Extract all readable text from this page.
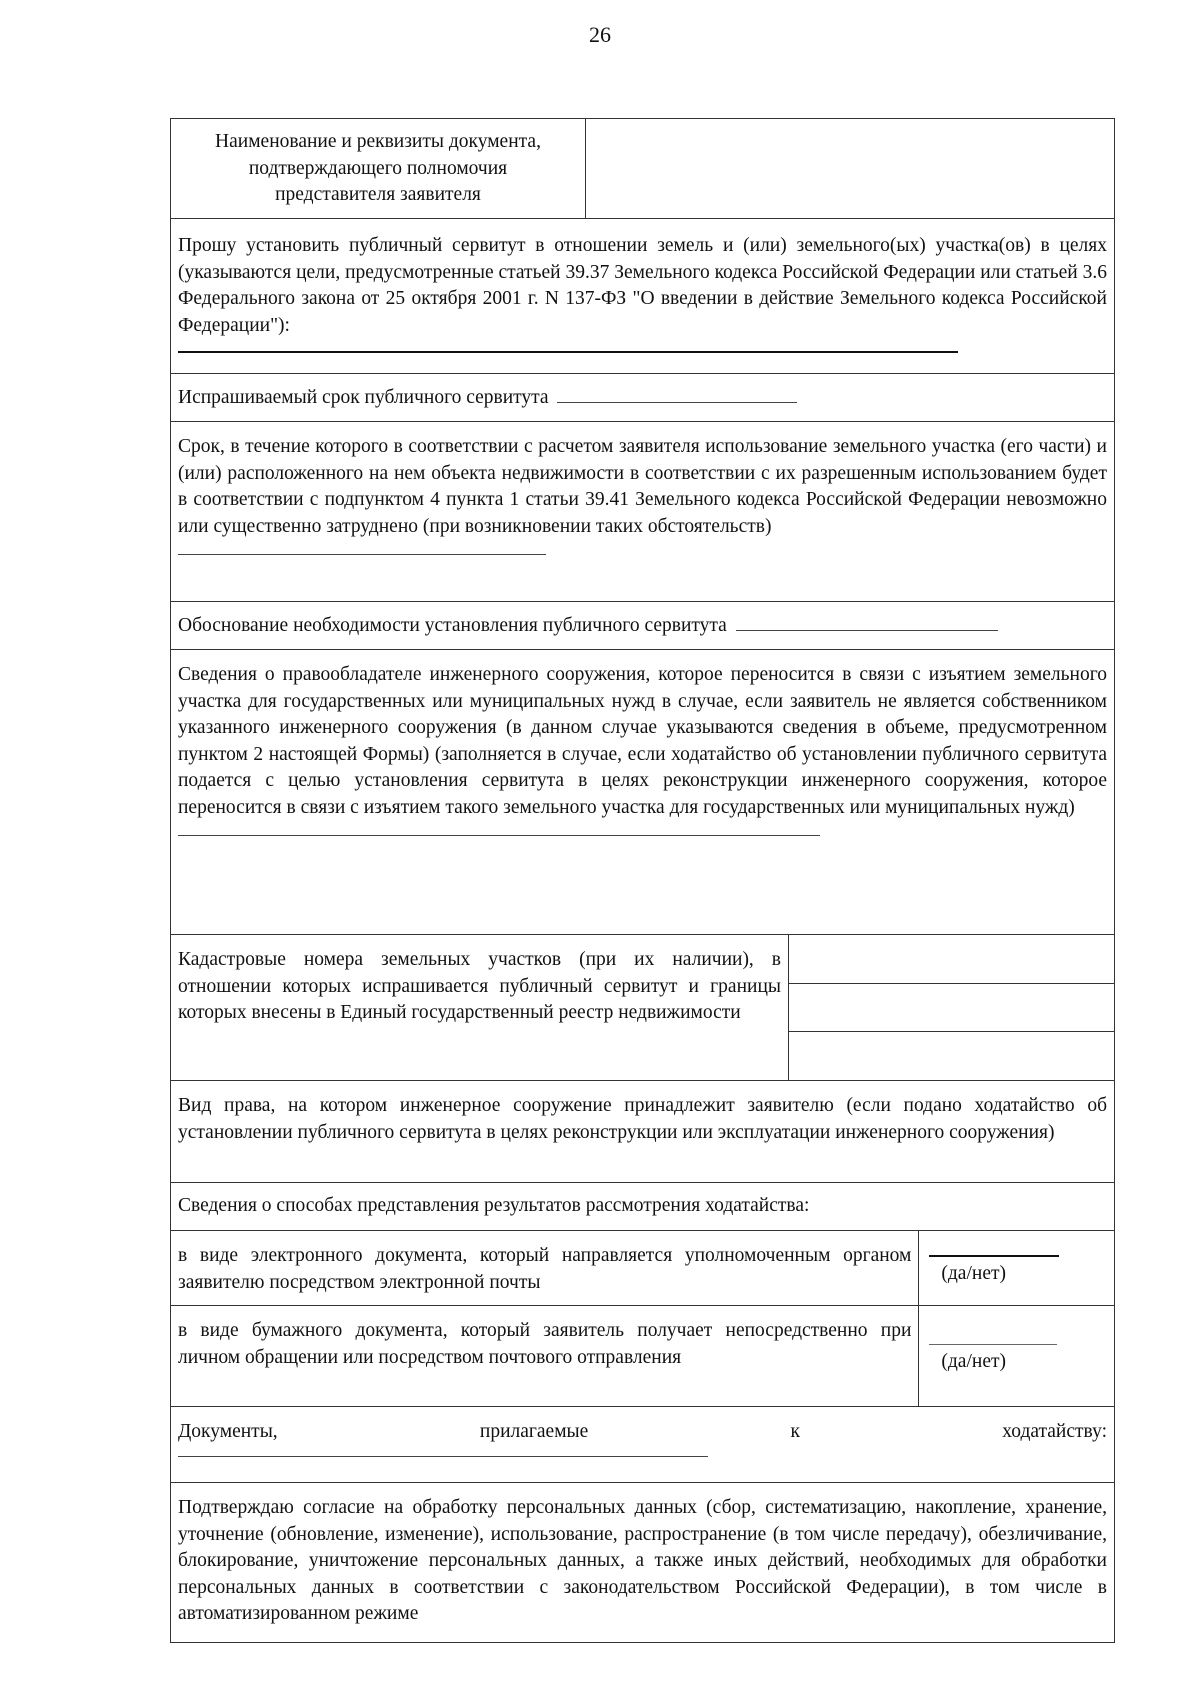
26
Наименование и реквизиты документа,
подтверждающего полномочия
представителя заявителя
Прошу установить публичный сервитут в отношении земель и (или) земельного(ых) участка(ов) в целях (указываются цели, предусмотренные статьей 39.37 Земельного кодекса Российской Федерации или статьей 3.6 Федерального закона от 25 октября 2001 г. N 137-ФЗ "О введении в действие Земельного кодекса Российской Федерации"):
Испрашиваемый срок публичного сервитута
Срок, в течение которого в соответствии с расчетом заявителя использование земельного участка (его части) и (или) расположенного на нем объекта недвижимости в соответствии с их разрешенным использованием будет в соответствии с подпунктом 4 пункта 1 статьи 39.41 Земельного кодекса Российской Федерации невозможно или существенно затруднено (при возникновении таких обстоятельств)
Обоснование необходимости установления публичного сервитута
Сведения о правообладателе инженерного сооружения, которое переносится в связи с изъятием земельного участка для государственных или муниципальных нужд в случае, если заявитель не является собственником указанного инженерного сооружения (в данном случае указываются сведения в объеме, предусмотренном пунктом 2 настоящей Формы) (заполняется в случае, если ходатайство об установлении публичного сервитута подается с целью установления сервитута в целях реконструкции инженерного сооружения, которое переносится в связи с изъятием такого земельного участка для государственных или муниципальных нужд)
Кадастровые номера земельных участков (при их наличии), в отношении которых испрашивается публичный сервитут и границы которых внесены в Единый государственный реестр недвижимости
Вид права, на котором инженерное сооружение принадлежит заявителю (если подано ходатайство об установлении публичного сервитута в целях реконструкции или эксплуатации инженерного сооружения)
Сведения о способах представления результатов рассмотрения ходатайства:
в виде электронного документа, который направляется уполномоченным органом заявителю посредством электронной почты	(да/нет)
в виде бумажного документа, который заявитель получает непосредственно при личном обращении или посредством почтового отправления	(да/нет)
Документы, прилагаемые к ходатайству:
Подтверждаю согласие на обработку персональных данных (сбор, систематизацию, накопление, хранение, уточнение (обновление, изменение), использование, распространение (в том числе передачу), обезличивание, блокирование, уничтожение персональных данных, а также иных действий, необходимых для обработки персональных данных в соответствии с законодательством Российской Федерации), в том числе в автоматизированном режиме
